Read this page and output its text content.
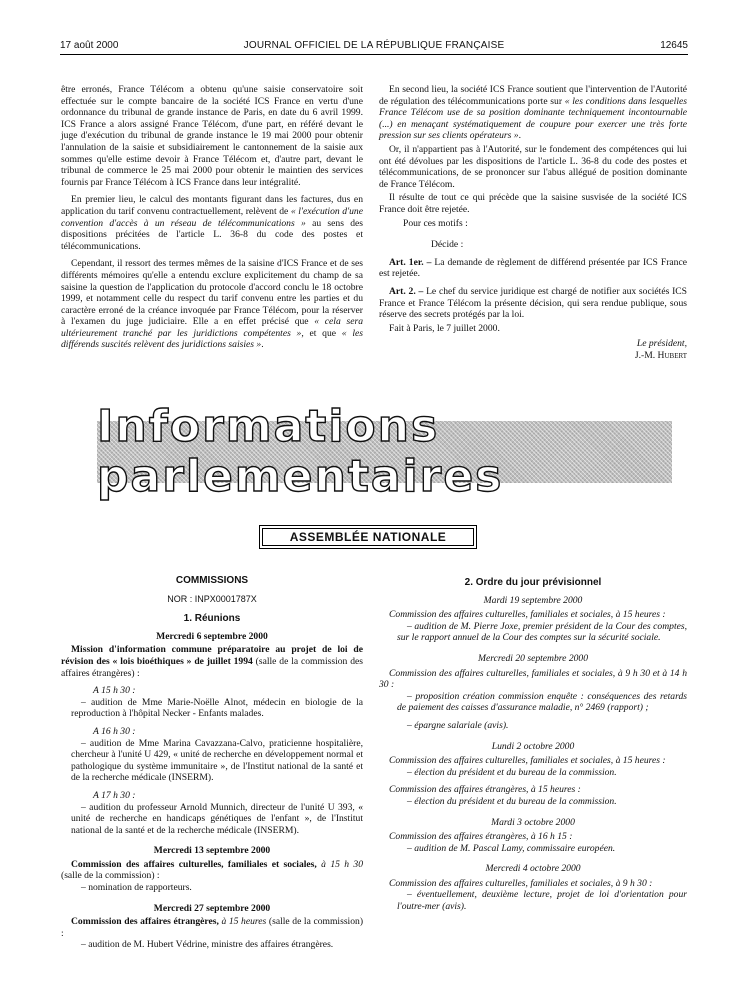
17 août 2000	JOURNAL OFFICIEL DE LA RÉPUBLIQUE FRANÇAISE	12645

être erronés, France Télécom a obtenu qu'une saisie conservatoire soit effectuée sur le compte bancaire de la société ICS France en vertu d'une ordonnance du tribunal de grande instance de Paris, en date du 6 avril 1999. ICS France a alors assigné France Télécom, d'une part, en référé devant le juge d'exécution du tribunal de grande instance le 19 mai 2000 pour obtenir l'annulation de la saisie et subsidiairement le cantonnement de la saisie aux sommes qu'elle estime devoir à France Télécom et, d'autre part, devant le tribunal de commerce le 25 mai 2000 pour obtenir le maintien des services fournis par France Télécom à ICS France dans leur intégralité.

En premier lieu, le calcul des montants figurant dans les factures, dus en application du tarif convenu contractuellement, relèvent de « l'exécution d'une convention d'accès à un réseau de télécommunications » au sens des dispositions précitées de l'article L. 36-8 du code des postes et télécommunications.

Cependant, il ressort des termes mêmes de la saisine d'ICS France et de ses différents mémoires qu'elle a entendu exclure explicitement du champ de sa saisine la question de l'application du protocole d'accord conclu le 18 octobre 1999, et notamment celle du respect du tarif convenu entre les parties et du caractère erroné de la créance invoquée par France Télécom, pour la réserver à l'examen du juge judiciaire. Elle a en effet précisé que « cela sera ultérieurement tranché par les juridictions compétentes », et que « les différends suscités relèvent des juridictions saisies ».

En second lieu, la société ICS France soutient que l'intervention de l'Autorité de régulation des télécommunications porte sur « les conditions dans lesquelles France Télécom use de sa position dominante techniquement incontournable (...) en menaçant systématiquement de coupure pour exercer une très forte pression sur ses clients opérateurs ».

Or, il n'appartient pas à l'Autorité, sur le fondement des compétences qui lui ont été dévolues par les dispositions de l'article L. 36-8 du code des postes et télécommunications, de se prononcer sur l'abus allégué de position dominante de France Télécom.

Il résulte de tout ce qui précède que la saisine susvisée de la société ICS France doit être rejetée.

Pour ces motifs :

Décide :

Art. 1er. – La demande de règlement de différend présentée par ICS France est rejetée.

Art. 2. – Le chef du service juridique est chargé de notifier aux sociétés ICS France et France Télécom la présente décision, qui sera rendue publique, sous réserve des secrets protégés par la loi.

Fait à Paris, le 7 juillet 2000.

Le président,
J.-M. Hubert
Informations parlementaires
ASSEMBLÉE NATIONALE
COMMISSIONS
NOR : INPX0001787X
1. Réunions
Mercredi 6 septembre 2000

Mission d'information commune préparatoire au projet de loi de révision des « lois bioéthiques » de juillet 1994 (salle de la commission des affaires étrangères) :

A 15 h 30 :

– audition de Mme Marie-Noëlle Alnot, médecin en biologie de la reproduction à l'hôpital Necker - Enfants malades.

A 16 h 30 :

– audition de Mme Marina Cavazzana-Calvo, praticienne hospitalière, chercheur à l'unité U 429, « unité de recherche en développement normal et pathologique du système immunitaire », de l'Institut national de la santé et de la recherche médicale (INSERM).

A 17 h 30 :

– audition du professeur Arnold Munnich, directeur de l'unité U 393, « unité de recherche en handicaps génétiques de l'enfant », de l'Institut national de la santé et de la recherche médicale (INSERM).

Mercredi 13 septembre 2000

Commission des affaires culturelles, familiales et sociales, à 15 h 30 (salle de la commission) :

– nomination de rapporteurs.

Mercredi 27 septembre 2000

Commission des affaires étrangères, à 15 heures (salle de la commission) :

– audition de M. Hubert Védrine, ministre des affaires étrangères.

2. Ordre du jour prévisionnel
Mardi 19 septembre 2000

Commission des affaires culturelles, familiales et sociales, à 15 heures :

– audition de M. Pierre Joxe, premier président de la Cour des comptes, sur le rapport annuel de la Cour des comptes sur la sécurité sociale.

Mercredi 20 septembre 2000

Commission des affaires culturelles, familiales et sociales, à 9 h 30 et à 14 h 30 :

– proposition création commission enquête : conséquences des retards de paiement des caisses d'assurance maladie, n° 2469 (rapport) ;

– épargne salariale (avis).

Lundi 2 octobre 2000

Commission des affaires culturelles, familiales et sociales, à 15 heures :

– élection du président et du bureau de la commission.

Commission des affaires étrangères, à 15 heures :

– élection du président et du bureau de la commission.

Mardi 3 octobre 2000

Commission des affaires étrangères, à 16 h 15 :

– audition de M. Pascal Lamy, commissaire européen.

Mercredi 4 octobre 2000

Commission des affaires culturelles, familiales et sociales, à 9 h 30 :

– éventuellement, deuxième lecture, projet de loi d'orientation pour l'outre-mer (avis).
